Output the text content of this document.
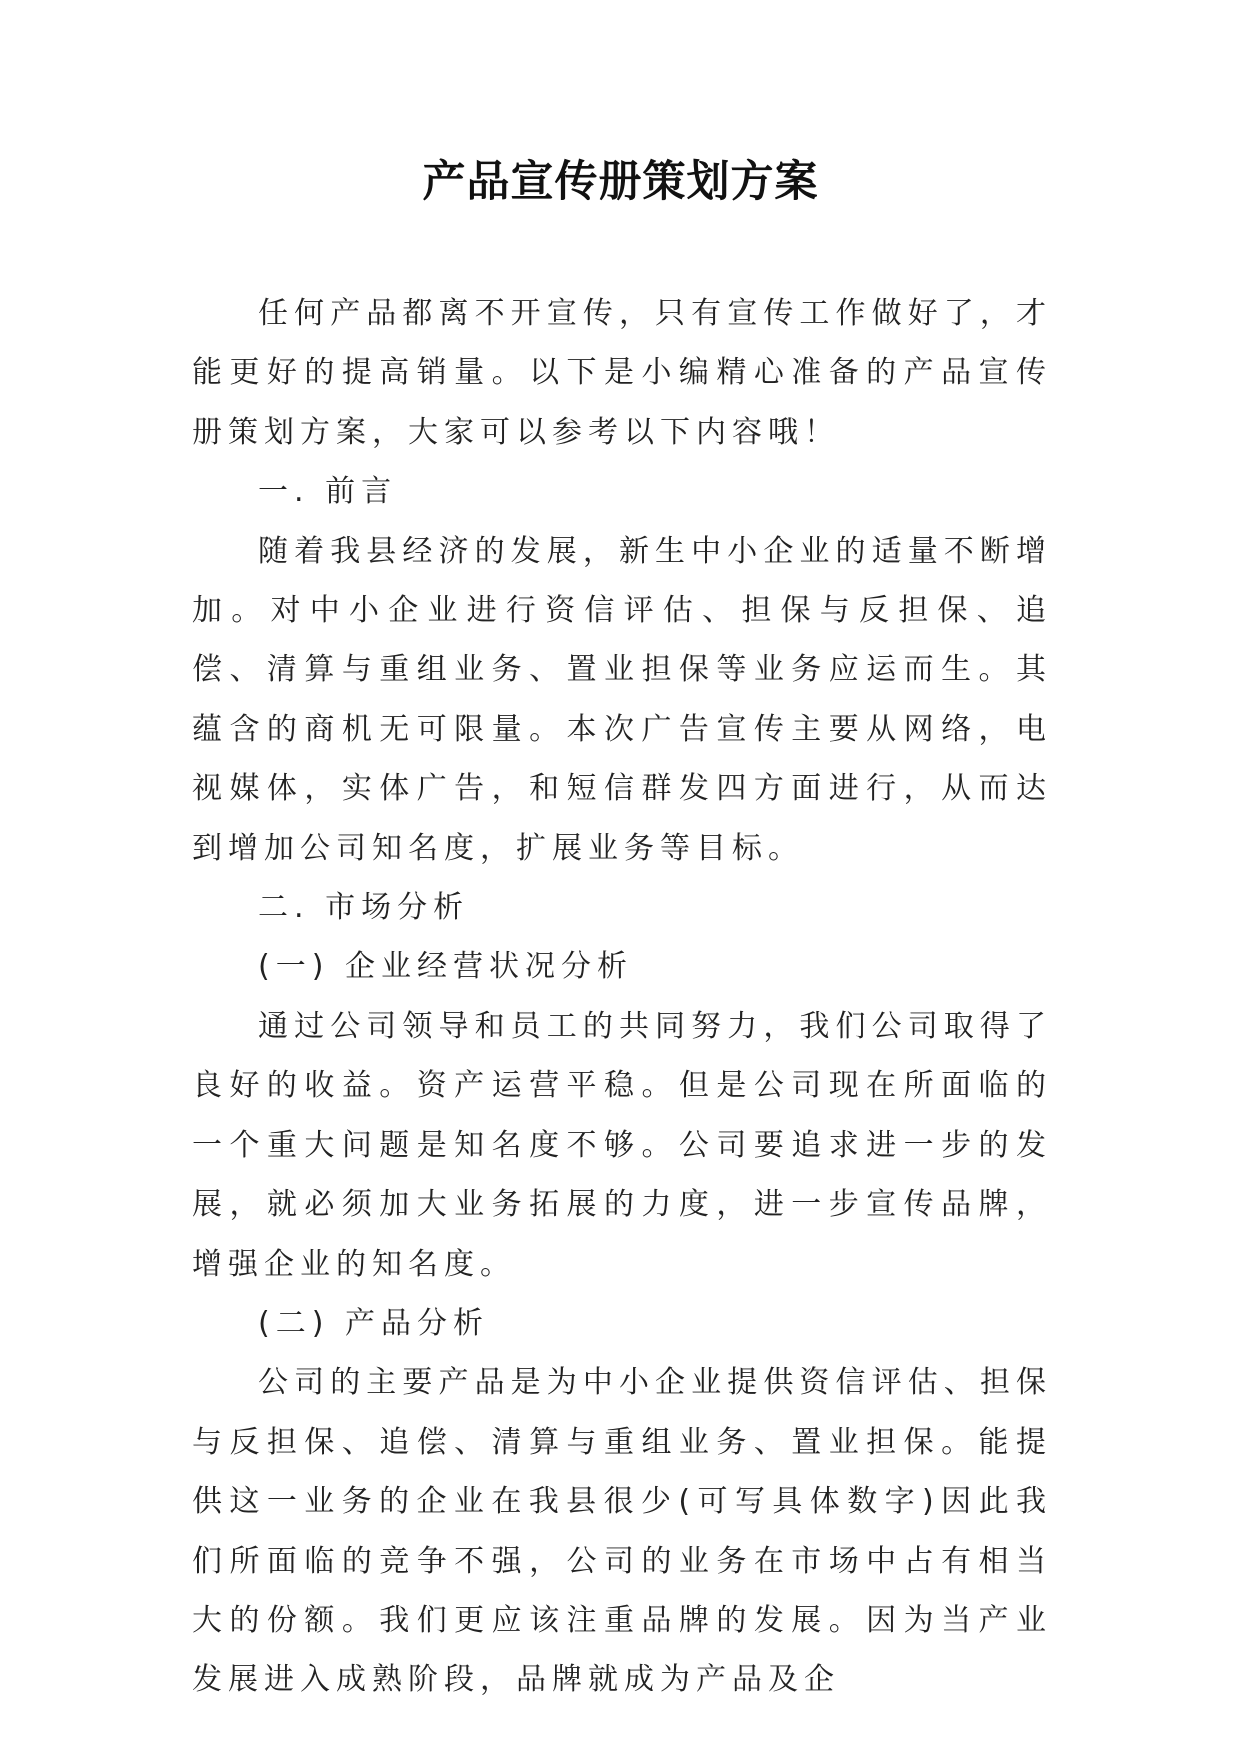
产品宣传册策划方案

任何产品都离不开宣传，只有宣传工作做好了，才能更好的提高销量。以下是小编精心准备的产品宣传册策划方案，大家可以参考以下内容哦！

一. 前言

随着我县经济的发展，新生中小企业的适量不断增加。对中小企业进行资信评估、担保与反担保、追偿、清算与重组业务、置业担保等业务应运而生。其蕴含的商机无可限量。本次广告宣传主要从网络，电视媒体，实体广告，和短信群发四方面进行，从而达到增加公司知名度，扩展业务等目标。

二. 市场分析

(一) 企业经营状况分析

通过公司领导和员工的共同努力，我们公司取得了良好的收益。资产运营平稳。但是公司现在所面临的一个重大问题是知名度不够。公司要追求进一步的发展，就必须加大业务拓展的力度，进一步宣传品牌，增强企业的知名度。

(二) 产品分析

公司的主要产品是为中小企业提供资信评估、担保与反担保、追偿、清算与重组业务、置业担保。能提供这一业务的企业在我县很少(可写具体数字)因此我们所面临的竞争不强，公司的业务在市场中占有相当大的份额。我们更应该注重品牌的发展。因为当产业发展进入成熟阶段，品牌就成为产品及企
